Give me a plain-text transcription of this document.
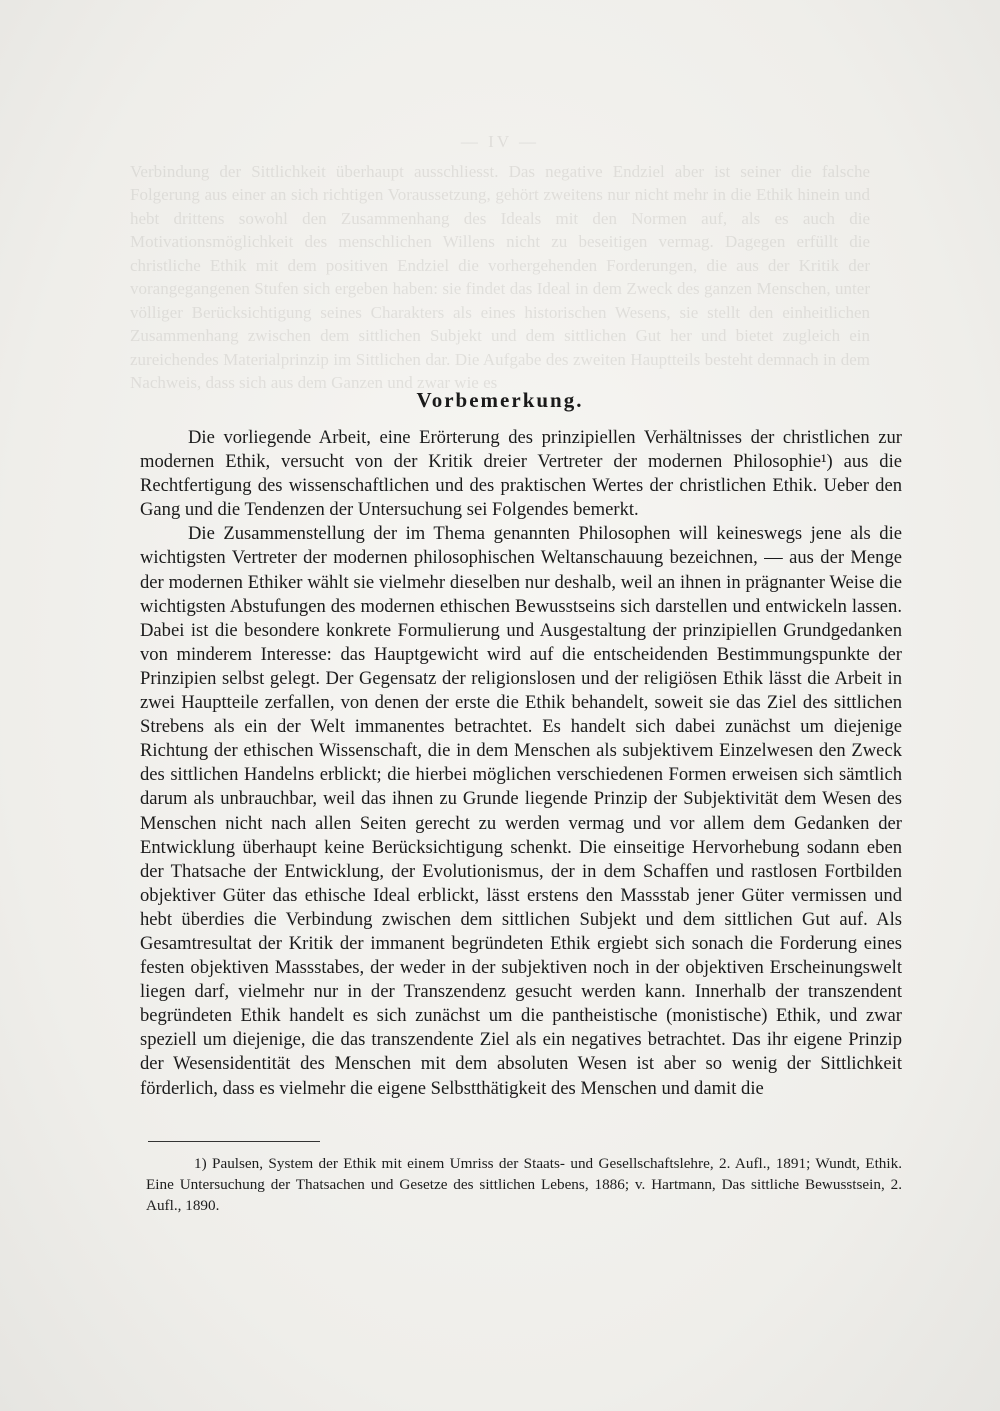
— IV —
Verbindung der Sittlichkeit überhaupt ausschliesst. Das negative Endziel aber ist seiner die falsche Folgerung aus einer an sich richtigen Voraussetzung, gehört zweitens nur nicht mehr in die Ethik hinein und hebt drittens sowohl den Zusammenhang des Ideals mit den Normen auf, als es auch die Motivationsmöglichkeit des menschlichen Willens nicht zu beseitigen vermag. Dagegen erfüllt die christliche Ethik mit dem positiven Endziel die vorhergehenden Forderungen, die aus der Kritik der vorangegangenen Stufen sich ergeben haben: sie findet das Ideal in dem Zweck des ganzen Menschen, unter völliger Berücksichtigung seines Charakters als eines historischen Wesens, sie stellt den einheitlichen Zusammenhang zwischen dem sittlichen Subjekt und dem sittlichen Gut her und bietet zugleich ein zureichendes Materialprinzip im Sittlichen dar. Die Aufgabe des zweiten Hauptteils besteht demnach in dem Nachweis, dass sich aus dem Ganzen und zwar wie es
Vorbemerkung.

Die vorliegende Arbeit, eine Erörterung des prinzipiellen Verhältnisses der christlichen zur modernen Ethik, versucht von der Kritik dreier Vertreter der modernen Philosophie¹) aus die Rechtfertigung des wissenschaftlichen und des praktischen Wertes der christlichen Ethik. Ueber den Gang und die Tendenzen der Untersuchung sei Folgendes bemerkt.

Die Zusammenstellung der im Thema genannten Philosophen will keineswegs jene als die wichtigsten Vertreter der modernen philosophischen Weltanschauung bezeichnen, — aus der Menge der modernen Ethiker wählt sie vielmehr dieselben nur deshalb, weil an ihnen in prägnanter Weise die wichtigsten Abstufungen des modernen ethischen Bewusstseins sich darstellen und entwickeln lassen. Dabei ist die besondere konkrete Formulierung und Ausgestaltung der prinzipiellen Grundgedanken von minderem Interesse: das Hauptgewicht wird auf die entscheidenden Bestimmungspunkte der Prinzipien selbst gelegt. Der Gegensatz der religionslosen und der religiösen Ethik lässt die Arbeit in zwei Hauptteile zerfallen, von denen der erste die Ethik behandelt, soweit sie das Ziel des sittlichen Strebens als ein der Welt immanentes betrachtet. Es handelt sich dabei zunächst um diejenige Richtung der ethischen Wissenschaft, die in dem Menschen als subjektivem Einzelwesen den Zweck des sittlichen Handelns erblickt; die hierbei möglichen verschiedenen Formen erweisen sich sämtlich darum als unbrauchbar, weil das ihnen zu Grunde liegende Prinzip der Subjektivität dem Wesen des Menschen nicht nach allen Seiten gerecht zu werden vermag und vor allem dem Gedanken der Entwicklung überhaupt keine Berücksichtigung schenkt. Die einseitige Hervorhebung sodann eben der Thatsache der Entwicklung, der Evolutionismus, der in dem Schaffen und rastlosen Fortbilden objektiver Güter das ethische Ideal erblickt, lässt erstens den Massstab jener Güter vermissen und hebt überdies die Verbindung zwischen dem sittlichen Subjekt und dem sittlichen Gut auf. Als Gesamtresultat der Kritik der immanent begründeten Ethik ergiebt sich sonach die Forderung eines festen objektiven Massstabes, der weder in der subjektiven noch in der objektiven Erscheinungswelt liegen darf, vielmehr nur in der Transzendenz gesucht werden kann. Innerhalb der transzendent begründeten Ethik handelt es sich zunächst um die pantheistische (monistische) Ethik, und zwar speziell um diejenige, die das transzendente Ziel als ein negatives betrachtet. Das ihr eigene Prinzip der Wesensidentität des Menschen mit dem absoluten Wesen ist aber so wenig der Sittlichkeit förderlich, dass es vielmehr die eigene Selbstthätigkeit des Menschen und damit die

1) Paulsen, System der Ethik mit einem Umriss der Staats- und Gesellschaftslehre, 2. Aufl., 1891; Wundt, Ethik. Eine Untersuchung der Thatsachen und Gesetze des sittlichen Lebens, 1886; v. Hartmann, Das sittliche Bewusstsein, 2. Aufl., 1890.
